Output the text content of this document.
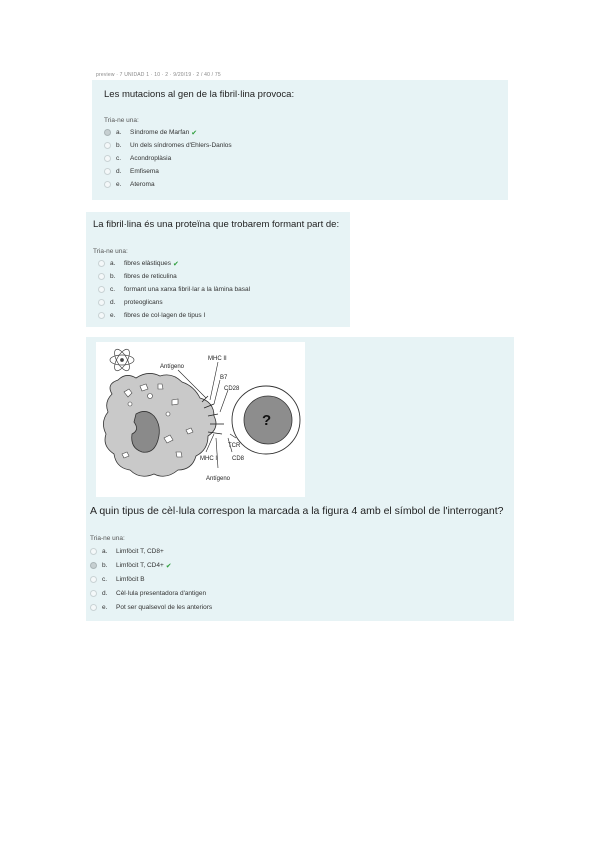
preview · 7 UNIDAD 1 · 10 · 2 · 9/20/19 · 2 / 40 / 75
Les mutacions al gen de la fibril·lina provoca:
Tria-ne una:
a.	Síndrome de Marfan ✔
b.	Un dels síndromes d'Ehlers-Danlos
c.	Acondroplàsia
d.	Emfisema
e.	Ateroma
La fibril·lina és una proteïna que trobarem formant part de:
Tria-ne una:
a.	fibres elàstiques ✔
b.	fibres de reticulina
c.	formant una xarxa fibril·lar a la làmina basal
d.	proteoglicans
e.	fibres de col·lagen de tipus I
Antígeno
MHC II
B7
CD28
?
TCR
CD8
MHC I
Antígeno
A quin tipus de cèl·lula correspon la marcada a la figura 4 amb el símbol de l'interrogant?
Tria-ne una:
a.	Limfòcit T, CD8+
b.	Limfòcit T, CD4+ ✔
c.	Limfòcit B
d.	Cèl·lula presentadora d'antigen
e.	Pot ser qualsevol de les anteriors
